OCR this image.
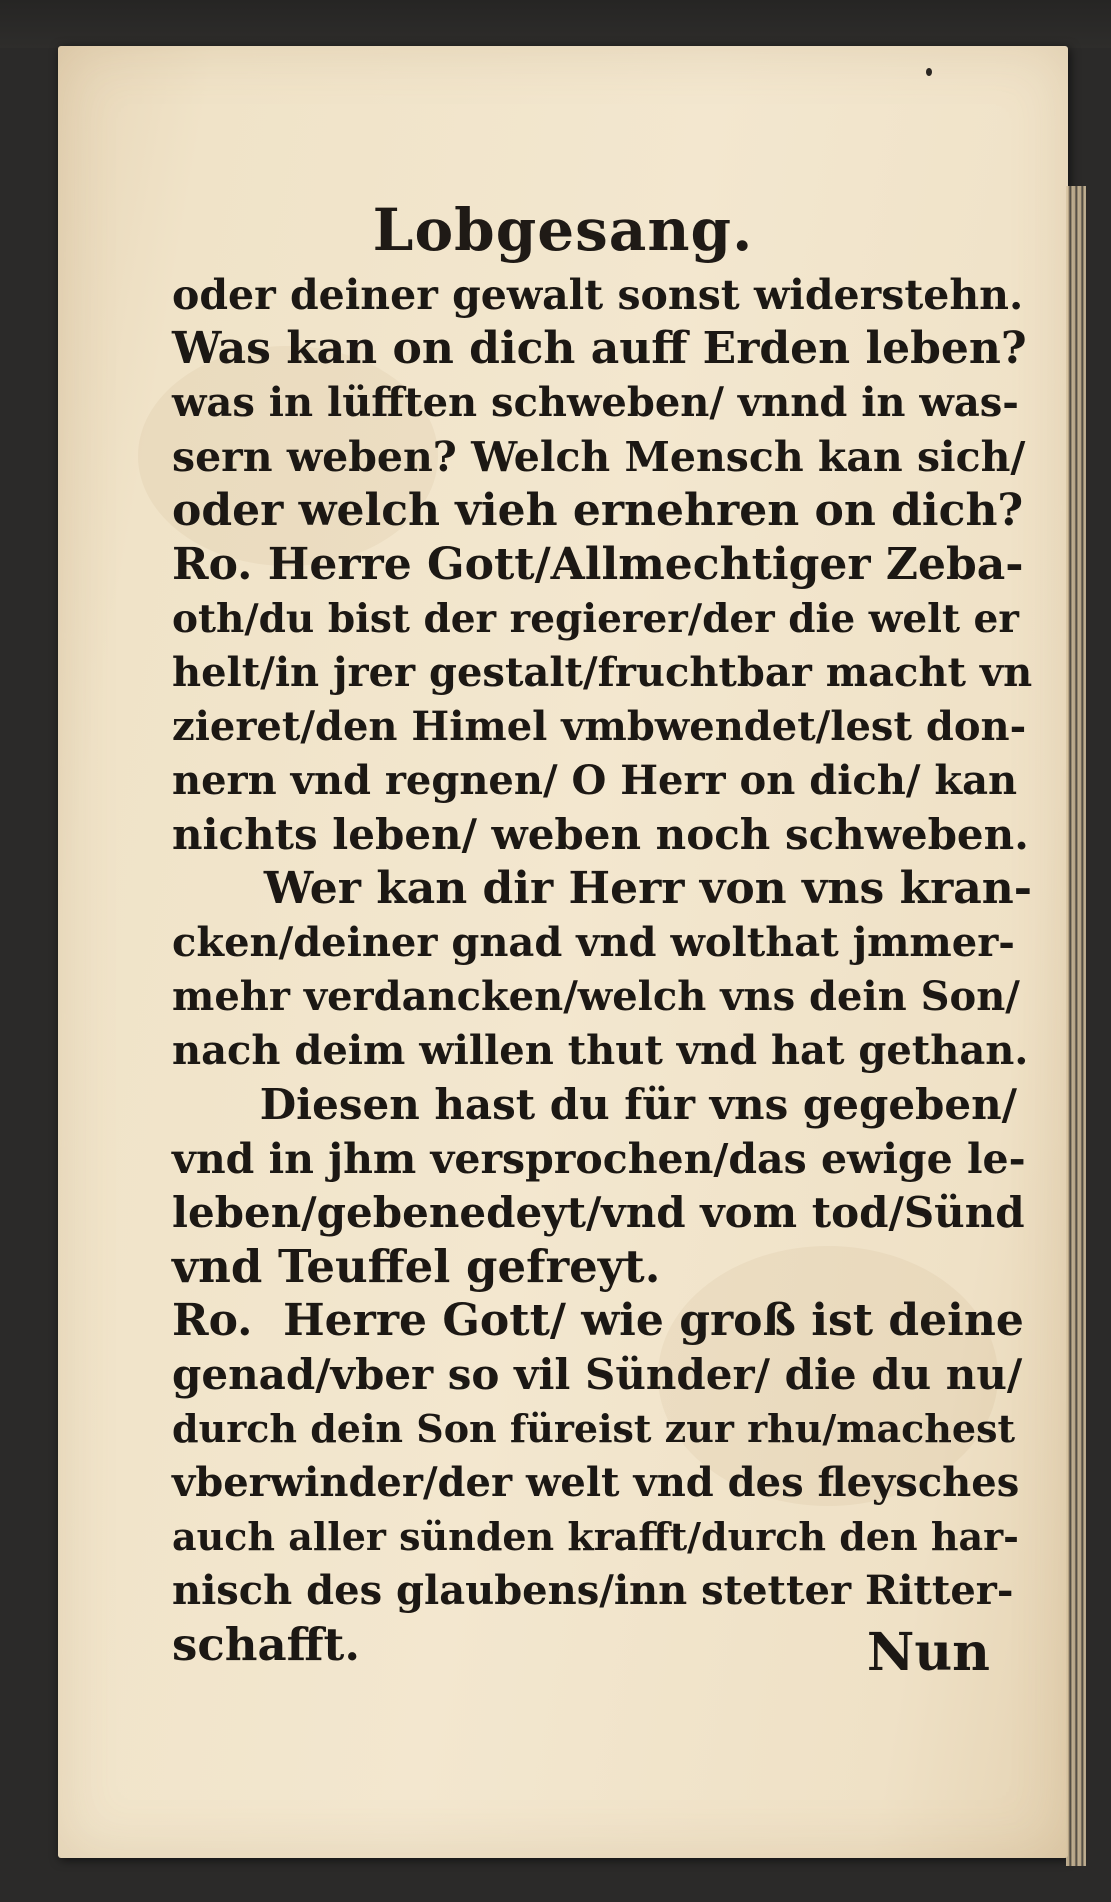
Lobgesang.
oder deiner gewalt sonst widerstehn.
Was kan on dich auff Erden leben?
was in lüfften schweben/ vnnd in was-
sern weben? Welch Mensch kan sich/
oder welch vieh ernehren on dich?
Ro. Herre Gott/Allmechtiger Zeba-
oth/du bist der regierer/der die welt er
helt/in jrer gestalt/fruchtbar macht vn
zieret/den Himel vmbwendet/lest don-
nern vnd regnen/ O Herr on dich/ kan
nichts leben/ weben noch schweben.
Wer kan dir Herr von vns kran-
cken/deiner gnad vnd wolthat jmmer-
mehr verdancken/welch vns dein Son/
nach deim willen thut vnd hat gethan.
Diesen hast du für vns gegeben/
vnd in jhm versprochen/das ewige le-
leben/gebenedeyt/vnd vom tod/Sünd
vnd Teuffel gefreyt.
Ro.  Herre Gott/ wie groß ist deine
genad/vber so vil Sünder/ die du nu/
durch dein Son füreist zur rhu/machest
vberwinder/der welt vnd des fleysches
auch aller sünden krafft/durch den har-
nisch des glaubens/inn stetter Ritter-
schafft.	Nun
